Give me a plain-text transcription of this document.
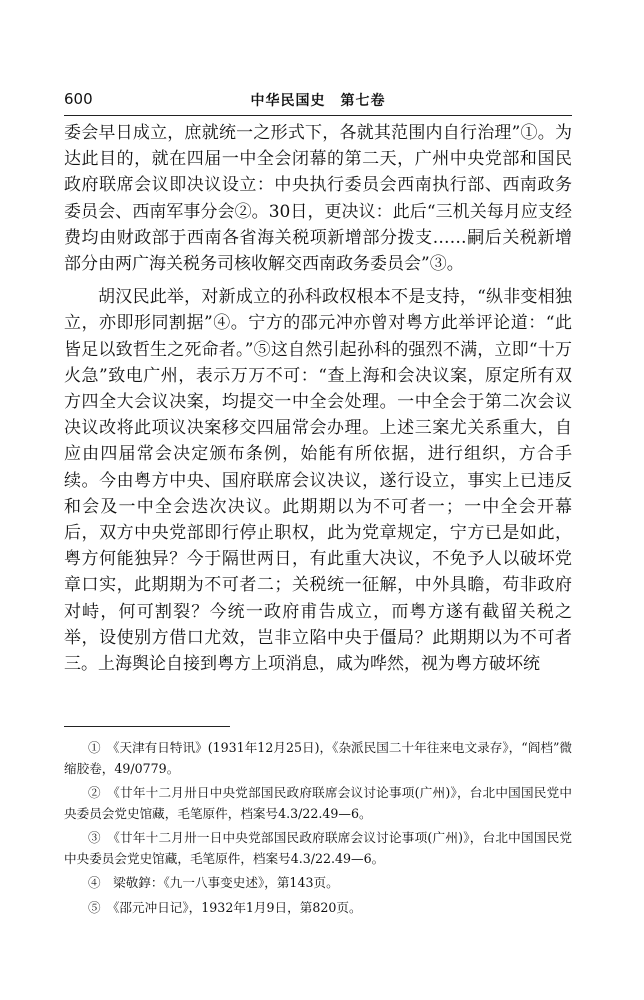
600	中华民国史　第七卷

委会早日成立，庶就统一之形式下，各就其范围内自行治理”①。为达此目的，就在四届一中全会闭幕的第二天，广州中央党部和国民政府联席会议即决议设立：中央执行委员会西南执行部、西南政务委员会、西南军事分会②。30日，更决议：此后“三机关每月应支经费均由财政部于西南各省海关税项新增部分拨支……嗣后关税新增部分由两广海关税务司核收解交西南政务委员会”③。

胡汉民此举，对新成立的孙科政权根本不是支持，“纵非变相独立，亦即形同割据”④。宁方的邵元冲亦曾对粤方此举评论道：“此皆足以致哲生之死命者。”⑤这自然引起孙科的强烈不满，立即“十万火急”致电广州，表示万万不可：“查上海和会决议案，原定所有双方四全大会议决案，均提交一中全会处理。一中全会于第二次会议决议改将此项议决案移交四届常会办理。上述三案尤关系重大，自应由四届常会决定颁布条例，始能有所依据，进行组织，方合手续。今由粤方中央、国府联席会议决议，遂行设立，事实上已违反和会及一中全会迭次决议。此期期以为不可者一；一中全会开幕后，双方中央党部即行停止职权，此为党章规定，宁方已是如此，粤方何能独异？今于隔世两日，有此重大决议，不免予人以破坏党章口实，此期期为不可者二；关税统一征解，中外具瞻，苟非政府对峙，何可割裂？今统一政府甫告成立，而粤方遂有截留关税之举，设使别方借口尤效，岂非立陷中央于僵局？此期期以为不可者三。上海舆论自接到粤方上项消息，咸为哗然，视为粤方破坏统

①　《天津有日特讯》(1931年12月25日)，《杂派民国二十年往来电文录存》，“阎档”微缩胶卷，49/0779。

②　《廿年十二月卅日中央党部国民政府联席会议讨论事项(广州)》，台北中国国民党中央委员会党史馆藏，毛笔原件，档案号4.3/22.49—6。

③　《廿年十二月卅一日中央党部国民政府联席会议讨论事项(广州)》，台北中国国民党中央委员会党史馆藏，毛笔原件，档案号4.3/22.49—6。

④　梁敬錞：《九一八事变史述》，第143页。

⑤　《邵元冲日记》，1932年1月9日，第820页。
